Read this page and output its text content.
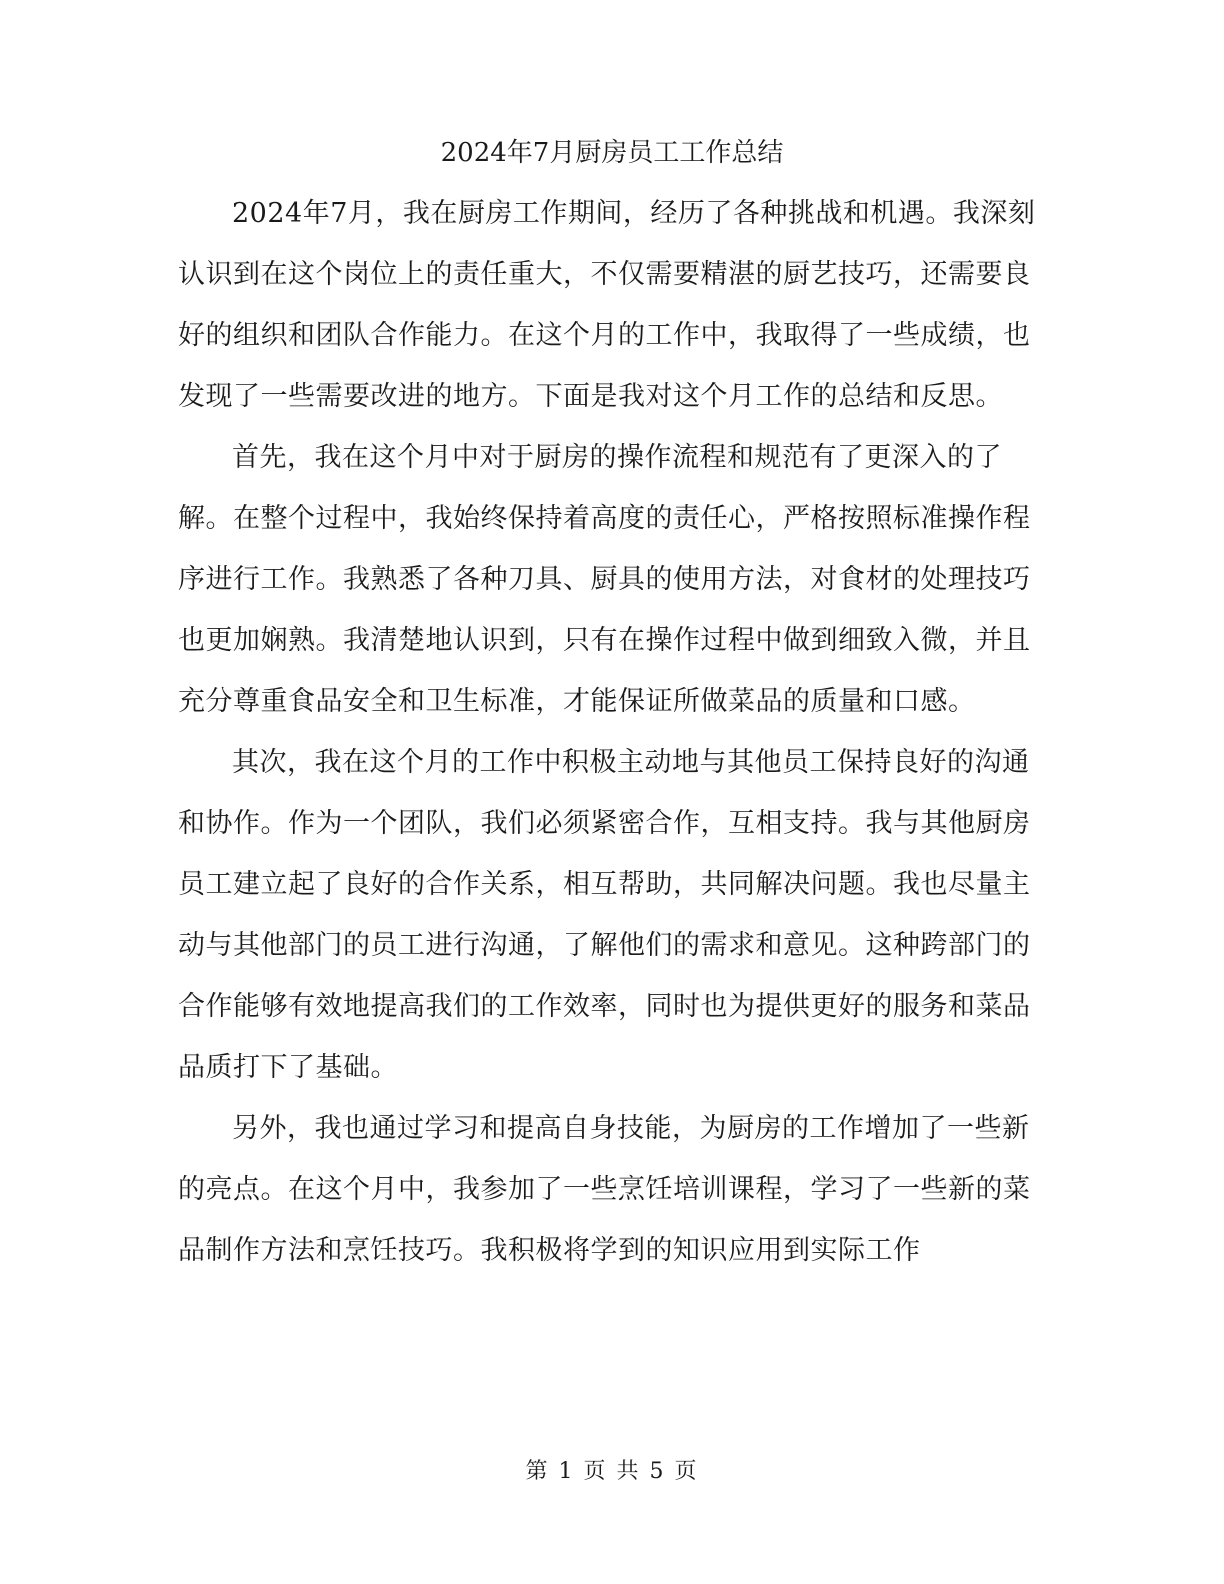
2024年7月厨房员工工作总结

2024年7月，我在厨房工作期间，经历了各种挑战和机遇。我深刻认识到在这个岗位上的责任重大，不仅需要精湛的厨艺技巧，还需要良好的组织和团队合作能力。在这个月的工作中，我取得了一些成绩，也发现了一些需要改进的地方。下面是我对这个月工作的总结和反思。

首先，我在这个月中对于厨房的操作流程和规范有了更深入的了解。在整个过程中，我始终保持着高度的责任心，严格按照标准操作程序进行工作。我熟悉了各种刀具、厨具的使用方法，对食材的处理技巧也更加娴熟。我清楚地认识到，只有在操作过程中做到细致入微，并且充分尊重食品安全和卫生标准，才能保证所做菜品的质量和口感。

其次，我在这个月的工作中积极主动地与其他员工保持良好的沟通和协作。作为一个团队，我们必须紧密合作，互相支持。我与其他厨房员工建立起了良好的合作关系，相互帮助，共同解决问题。我也尽量主动与其他部门的员工进行沟通，了解他们的需求和意见。这种跨部门的合作能够有效地提高我们的工作效率，同时也为提供更好的服务和菜品品质打下了基础。

另外，我也通过学习和提高自身技能，为厨房的工作增加了一些新的亮点。在这个月中，我参加了一些烹饪培训课程，学习了一些新的菜品制作方法和烹饪技巧。我积极将学到的知识应用到实际工作

第 1 页 共 5 页
